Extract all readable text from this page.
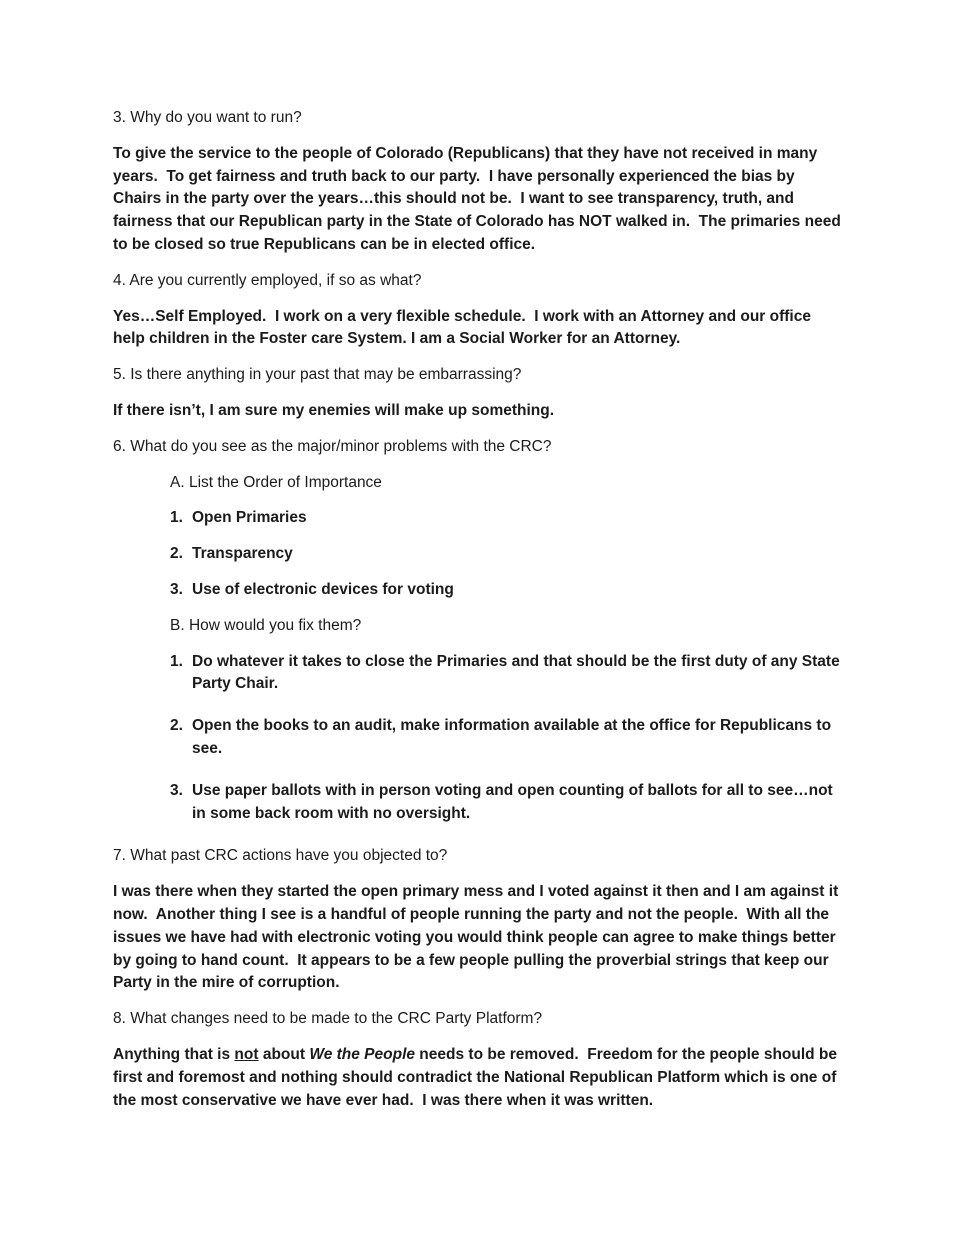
3. Why do you want to run?

To give the service to the people of Colorado (Republicans) that they have not received in many years.  To get fairness and truth back to our party.  I have personally experienced the bias by Chairs in the party over the years…this should not be.  I want to see transparency, truth, and fairness that our Republican party in the State of Colorado has NOT walked in.  The primaries need to be closed so true Republicans can be in elected office.

4. Are you currently employed, if so as what?

Yes…Self Employed.  I work on a very flexible schedule.  I work with an Attorney and our office help children in the Foster care System. I am a Social Worker for an Attorney.

5. Is there anything in your past that may be embarrassing?

If there isn’t, I am sure my enemies will make up something.

6. What do you see as the major/minor problems with the CRC?

A. List the Order of Importance

1. Open Primaries
2. Transparency
3. Use of electronic devices for voting

B. How would you fix them?

1. Do whatever it takes to close the Primaries and that should be the first duty of any State Party Chair.
2. Open the books to an audit, make information available at the office for Republicans to see.
3. Use paper ballots with in person voting and open counting of ballots for all to see…not in some back room with no oversight.

7. What past CRC actions have you objected to?

I was there when they started the open primary mess and I voted against it then and I am against it now.  Another thing I see is a handful of people running the party and not the people.  With all the issues we have had with electronic voting you would think people can agree to make things better by going to hand count.  It appears to be a few people pulling the proverbial strings that keep our Party in the mire of corruption.

8. What changes need to be made to the CRC Party Platform?

Anything that is not about We the People needs to be removed.  Freedom for the people should be first and foremost and nothing should contradict the National Republican Platform which is one of the most conservative we have ever had.  I was there when it was written.
